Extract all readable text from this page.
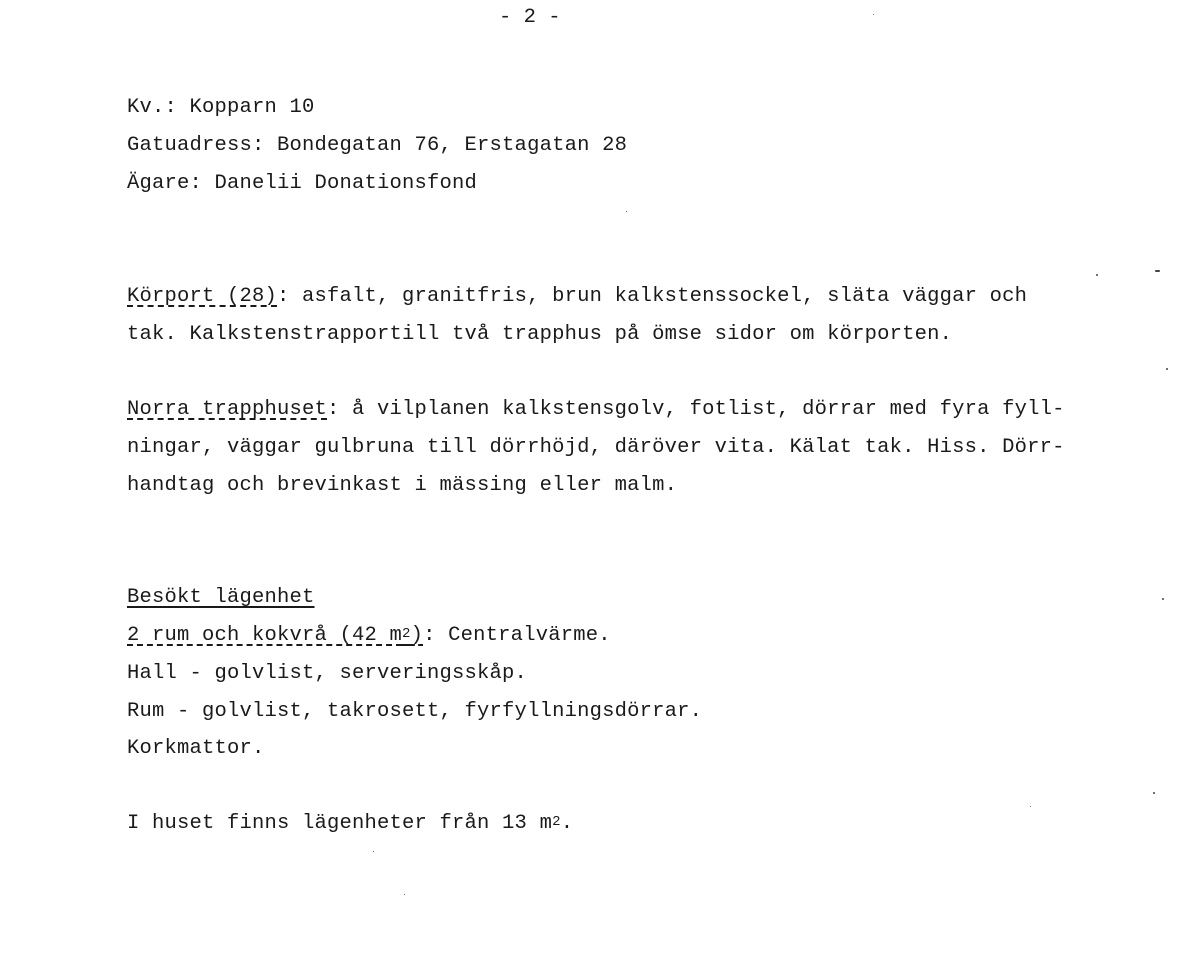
- 2 -
Kv.: Kopparn 10
Gatuadress: Bondegatan 76, Erstagatan 28
Ägare: Danelii Donationsfond
Körport (28): asfalt, granitfris, brun kalkstenssockel, släta väggar och
tak. Kalkstenstrapportill två trapphus på ömse sidor om körporten.
Norra trapphuset: å vilplanen kalkstensgolv, fotlist, dörrar med fyra fyll-
ningar, väggar gulbruna till dörrhöjd, däröver vita. Kälat tak. Hiss. Dörr-
handtag och brevinkast i mässing eller malm.
Besökt lägenhet
2 rum och kokvrå (42 $m^2$): Centralvärme.
Hall - golvlist, serveringsskåp.
Rum - golvlist, takrosett, fyrfyllningsdörrar.
Korkmattor.
I huset finns lägenheter från 13 $m^2$.
